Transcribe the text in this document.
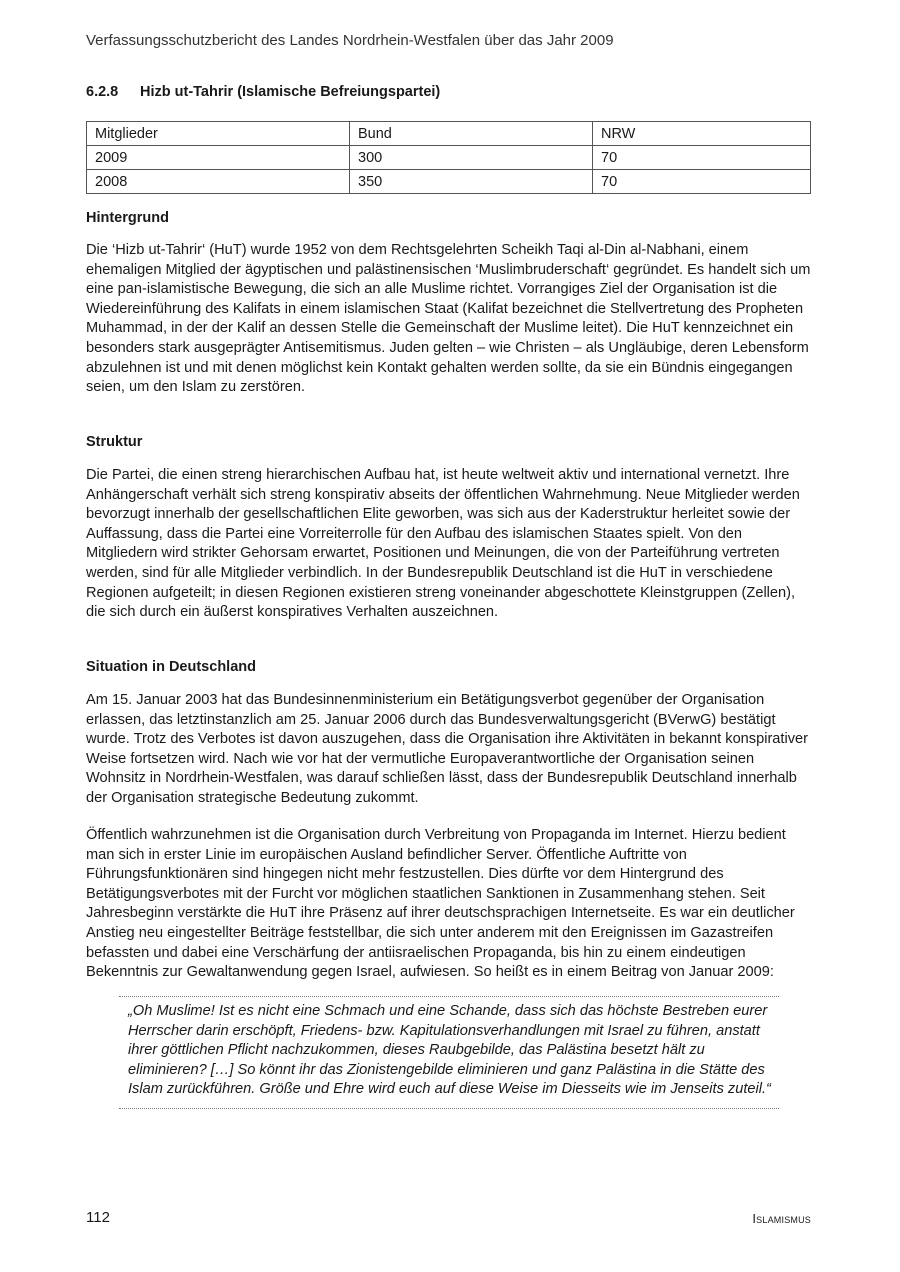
Verfassungsschutzbericht des Landes Nordrhein-Westfalen über das Jahr 2009
6.2.8 Hizb ut-Tahrir (Islamische Befreiungspartei)
Mitglieder	Bund	NRW
2009	300	70
2008	350	70
Hintergrund

Die ‘Hizb ut-Tahrir‘ (HuT) wurde 1952 von dem Rechtsgelehrten Scheikh Taqi al-Din al-Nabhani, einem ehemaligen Mitglied der ägyptischen und palästinensischen ‘Muslimbruderschaft‘ gegründet. Es handelt sich um eine pan-islamistische Bewegung, die sich an alle Muslime richtet. Vorrangiges Ziel der Organisation ist die Wiedereinführung des Kalifats in einem islamischen Staat (Kalifat bezeichnet die Stellvertretung des Propheten Muhammad, in der der Kalif an dessen Stelle die Gemeinschaft der Muslime leitet). Die HuT kennzeichnet ein besonders stark ausgeprägter Antisemitismus. Juden gelten – wie Christen – als Ungläubige, deren Lebensform abzulehnen ist und mit denen möglichst kein Kontakt gehalten werden sollte, da sie ein Bündnis eingegangen seien, um den Islam zu zerstören.

Struktur

Die Partei, die einen streng hierarchischen Aufbau hat, ist heute weltweit aktiv und international vernetzt. Ihre Anhängerschaft verhält sich streng konspirativ abseits der öffentlichen Wahrnehmung. Neue Mitglieder werden bevorzugt innerhalb der gesellschaftlichen Elite geworben, was sich aus der Kaderstruktur herleitet sowie der Auffassung, dass die Partei eine Vorreiterrolle für den Aufbau des islamischen Staates spielt. Von den Mitgliedern wird strikter Gehorsam erwartet, Positionen und Meinungen, die von der Parteiführung vertreten werden, sind für alle Mitglieder verbindlich. In der Bundesrepublik Deutschland ist die HuT in verschiedene Regionen aufgeteilt; in diesen Regionen existieren streng voneinander abgeschottete Kleinstgruppen (Zellen), die sich durch ein äußerst konspiratives Verhalten auszeichnen.

Situation in Deutschland

Am 15. Januar 2003 hat das Bundesinnenministerium ein Betätigungsverbot gegenüber der Organisation erlassen, das letztinstanzlich am 25. Januar 2006 durch das Bundesverwaltungsgericht (BVerwG) bestätigt wurde. Trotz des Verbotes ist davon auszugehen, dass die Organisation ihre Aktivitäten in bekannt konspirativer Weise fortsetzen wird. Nach wie vor hat der vermutliche Europaverantwortliche der Organisation seinen Wohnsitz in Nordrhein-Westfalen, was darauf schließen lässt, dass der Bundesrepublik Deutschland innerhalb der Organisation strategische Bedeutung zukommt.

Öffentlich wahrzunehmen ist die Organisation durch Verbreitung von Propaganda im Internet. Hierzu bedient man sich in erster Linie im europäischen Ausland befindlicher Server. Öffentliche Auftritte von Führungsfunktionären sind hingegen nicht mehr festzustellen. Dies dürfte vor dem Hintergrund des Betätigungsverbotes mit der Furcht vor möglichen staatlichen Sanktionen in Zusammenhang stehen. Seit Jahresbeginn verstärkte die HuT ihre Präsenz auf ihrer deutschsprachigen Internetseite. Es war ein deutlicher Anstieg neu eingestellter Beiträge feststellbar, die sich unter anderem mit den Ereignissen im Gazastreifen befassten und dabei eine Verschärfung der antiisraelischen Propaganda, bis hin zu einem eindeutigen Bekenntnis zur Gewaltanwendung gegen Israel, aufwiesen. So heißt es in einem Beitrag von Januar 2009:

„Oh Muslime! Ist es nicht eine Schmach und eine Schande, dass sich das höchste Bestreben eurer Herrscher darin erschöpft, Friedens- bzw. Kapitulationsverhandlungen mit Israel zu führen, anstatt ihrer göttlichen Pflicht nachzukommen, dieses Raubgebilde, das Palästina besetzt hält zu eliminieren? […] So könnt ihr das Zionistengebilde eliminieren und ganz Palästina in die Stätte des Islam zurückführen. Größe und Ehre wird euch auf diese Weise im Diesseits wie im Jenseits zuteil.“
112	Islamismus
